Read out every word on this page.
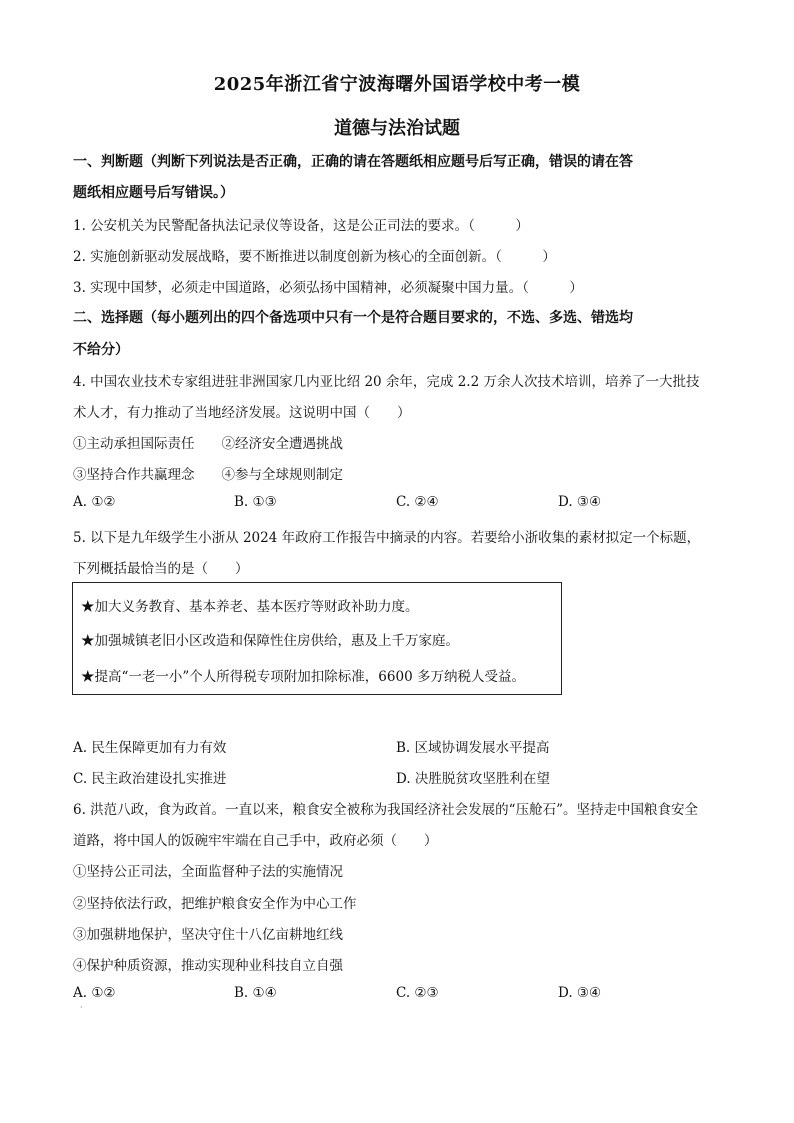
2025年浙江省宁波海曙外国语学校中考一模
道德与法治试题
一、判断题（判断下列说法是否正确，正确的请在答题纸相应题号后写正确，错误的请在答
题纸相应题号后写错误。）
1. 公安机关为民警配备执法记录仪等设备，这是公正司法的要求。（　　　）
2. 实施创新驱动发展战略，要不断推进以制度创新为核心的全面创新。（　　　）
3. 实现中国梦，必须走中国道路，必须弘扬中国精神，必须凝聚中国力量。（　　　）
二、选择题（每小题列出的四个备选项中只有一个是符合题目要求的，不选、多选、错选均
不给分）
4. 中国农业技术专家组进驻非洲国家几内亚比绍 20 余年，完成 2.2 万余人次技术培训，培养了一大批技
术人才，有力推动了当地经济发展。这说明中国（　　）
①主动承担国际责任　　②经济安全遭遇挑战
③坚持合作共赢理念　　④参与全球规则制定
A. ①②	B. ①③	C. ②④	D. ③④
5. 以下是九年级学生小浙从 2024 年政府工作报告中摘录的内容。若要给小浙收集的素材拟定一个标题，
下列概括最恰当的是（　　）
★加大义务教育、基本养老、基本医疗等财政补助力度。
★加强城镇老旧小区改造和保障性住房供给，惠及上千万家庭。
★提高“一老一小”个人所得税专项附加扣除标准，6600 多万纳税人受益。
A. 民生保障更加有力有效	B. 区域协调发展水平提高
C. 民主政治建设扎实推进	D. 决胜脱贫攻坚胜利在望
6. 洪范八政，食为政首。一直以来，粮食安全被称为我国经济社会发展的“压舱石”。坚持走中国粮食安全
道路，将中国人的饭碗牢牢端在自己手中，政府必须（　　）
①坚持公正司法，全面监督种子法的实施情况
②坚持依法行政，把维护粮食安全作为中心工作
③加强耕地保护，坚决守住十八亿亩耕地红线
④保护种质资源，推动实现种业科技自立自强
A. ①②	B. ①④	C. ②③	D. ③④
·
